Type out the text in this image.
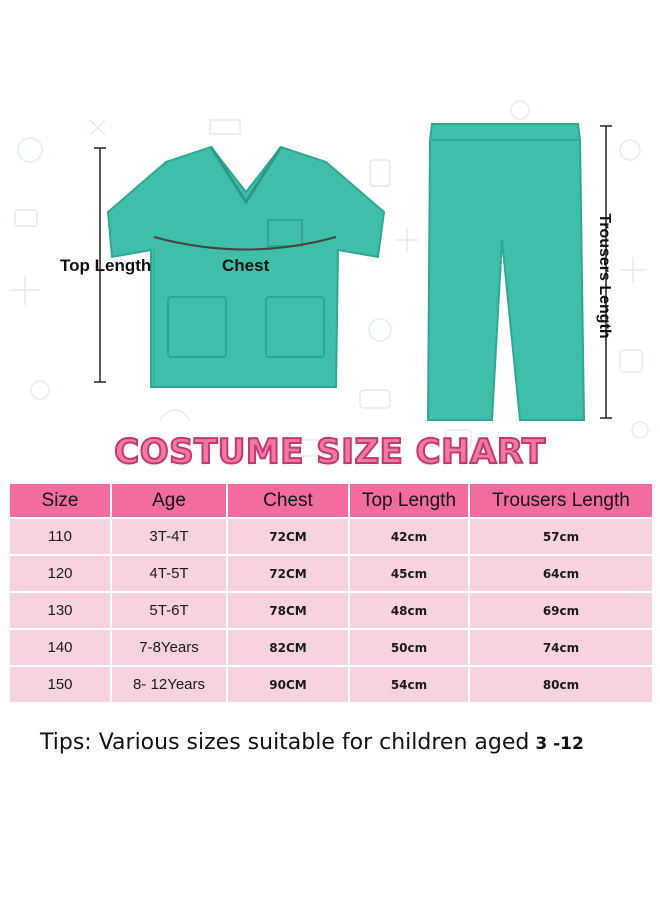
Top Length	Chest	Trousers Length
COSTUME SIZE CHART
Size	Age	Chest	Top Length	Trousers Length
110	3T-4T	72CM	42cm	57cm
120	4T-5T	72CM	45cm	64cm
130	5T-6T	78CM	48cm	69cm
140	7-8Years	82CM	50cm	74cm
150	8- 12Years	90CM	54cm	80cm
Tips: Various sizes suitable for children aged 3 -12
